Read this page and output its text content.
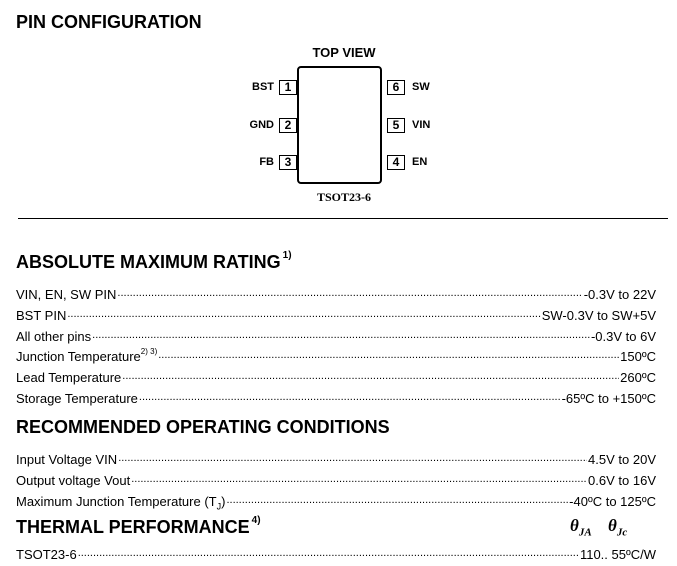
PIN CONFIGURATION
TOP VIEW
BST 1
GND 2
FB 3
6	SW
5	VIN
4	EN
TSOT23-6
ABSOLUTE MAXIMUM RATING $^{1)}$
VIN, EN, SW PIN .....	-0.3V to 22V
BST PIN .....	SW-0.3V to SW+5V
All other pins .....	-0.3V to 6V
Junction Temperature$^{2) 3)}$ .....	150ºC
Lead Temperature .....	260ºC
Storage Temperature .....	-65ºC to +150ºC
RECOMMENDED OPERATING CONDITIONS
Input Voltage VIN .....	4.5V to 20V
Output voltage Vout .....	0.6V to 16V
Maximum Junction Temperature $(T_J)$ .....	-40ºC to 125ºC
THERMAL PERFORMANCE $^{4)}$	$\theta_{JA}$ $\theta_{Jc}$
TSOT23-6 .....	110.. 55ºC/W
